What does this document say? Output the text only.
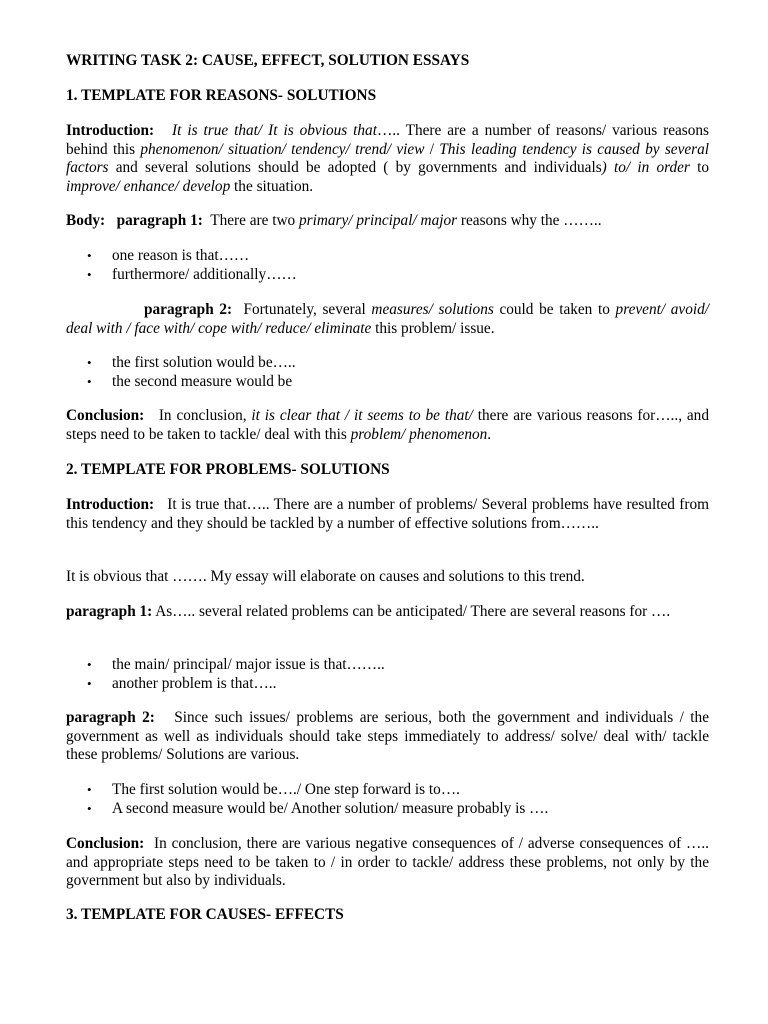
WRITING TASK 2: CAUSE, EFFECT, SOLUTION ESSAYS

1. TEMPLATE FOR REASONS- SOLUTIONS

Introduction: It is true that/ It is obvious that….. There are a number of reasons/ various reasons behind this phenomenon/ situation/ tendency/ trend/ view / This leading tendency is caused by several factors and several solutions should be adopted ( by governments and individuals) to/ in order to improve/ enhance/ develop the situation.

Body: paragraph 1: There are two primary/ principal/ major reasons why the ……..

• one reason is that……
• furthermore/ additionally……

paragraph 2: Fortunately, several measures/ solutions could be taken to prevent/ avoid/ deal with / face with/ cope with/ reduce/ eliminate this problem/ issue.

• the first solution would be…..
• the second measure would be

Conclusion: In conclusion, it is clear that / it seems to be that/ there are various reasons for….., and steps need to be taken to tackle/ deal with this problem/ phenomenon.

2. TEMPLATE FOR PROBLEMS- SOLUTIONS

Introduction: It is true that….. There are a number of problems/ Several problems have resulted from this tendency and they should be tackled by a number of effective solutions from……..

It is obvious that ……. My essay will elaborate on causes and solutions to this trend.

paragraph 1: As….. several related problems can be anticipated/ There are several reasons for ….

• the main/ principal/ major issue is that……..
• another problem is that…..

paragraph 2: Since such issues/ problems are serious, both the government and individuals / the government as well as individuals should take steps immediately to address/ solve/ deal with/ tackle these problems/ Solutions are various.

• The first solution would be…./ One step forward is to….
• A second measure would be/ Another solution/ measure probably is ….

Conclusion: In conclusion, there are various negative consequences of / adverse consequences of ….. and appropriate steps need to be taken to / in order to tackle/ address these problems, not only by the government but also by individuals.

3. TEMPLATE FOR CAUSES- EFFECTS
